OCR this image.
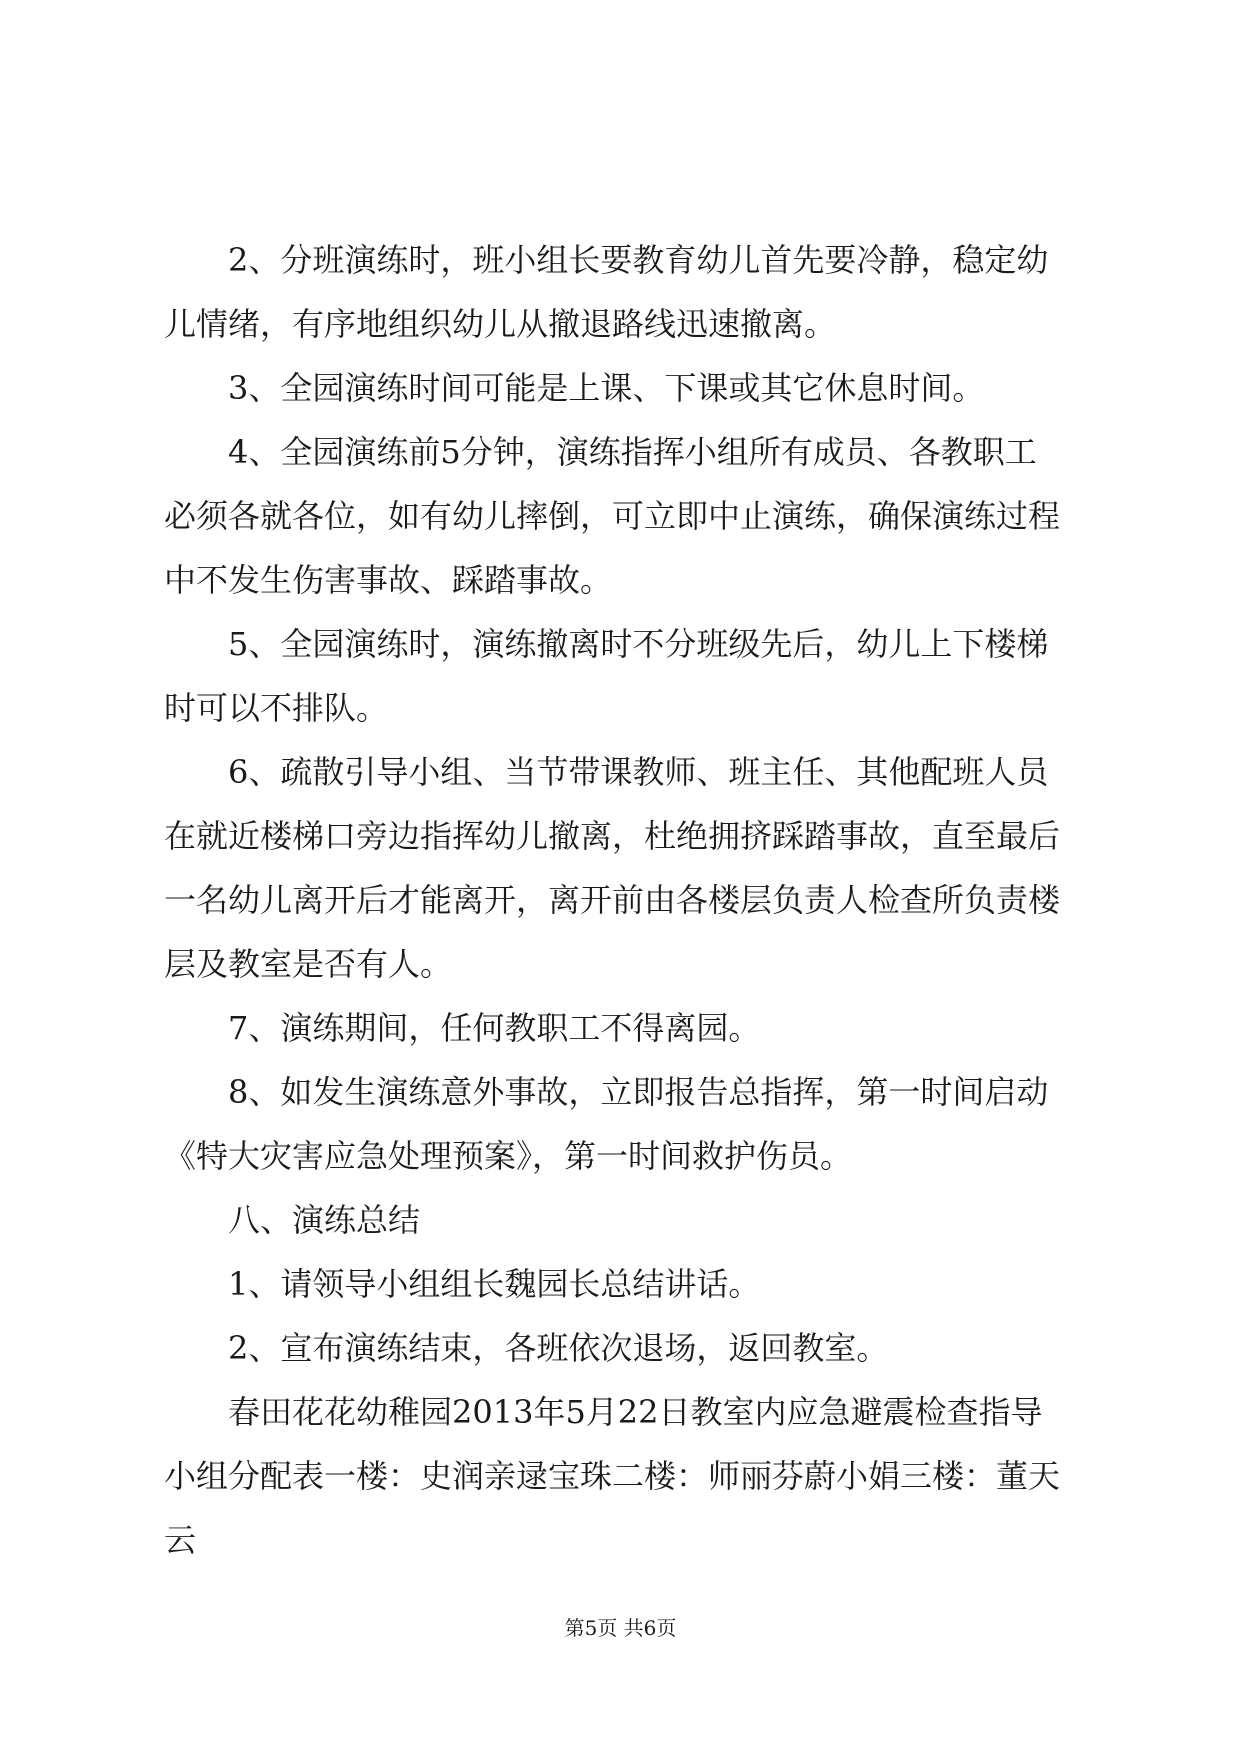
2、分班演练时，班小组长要教育幼儿首先要冷静，稳定幼
儿情绪，有序地组织幼儿从撤退路线迅速撤离。
3、全园演练时间可能是上课、下课或其它休息时间。
4、全园演练前5分钟，演练指挥小组所有成员、各教职工
必须各就各位，如有幼儿摔倒，可立即中止演练，确保演练过程
中不发生伤害事故、踩踏事故。
5、全园演练时，演练撤离时不分班级先后，幼儿上下楼梯
时可以不排队。
6、疏散引导小组、当节带课教师、班主任、其他配班人员
在就近楼梯口旁边指挥幼儿撤离，杜绝拥挤踩踏事故，直至最后
一名幼儿离开后才能离开，离开前由各楼层负责人检查所负责楼
层及教室是否有人。
7、演练期间，任何教职工不得离园。
8、如发生演练意外事故，立即报告总指挥，第一时间启动
《特大灾害应急处理预案》，第一时间救护伤员。
八、演练总结
1、请领导小组组长魏园长总结讲话。
2、宣布演练结束，各班依次退场，返回教室。
春田花花幼稚园2013年5月22日教室内应急避震检查指导
小组分配表一楼：史润亲逯宝珠二楼：师丽芬蔚小娟三楼：董天
云
第5页 共6页
